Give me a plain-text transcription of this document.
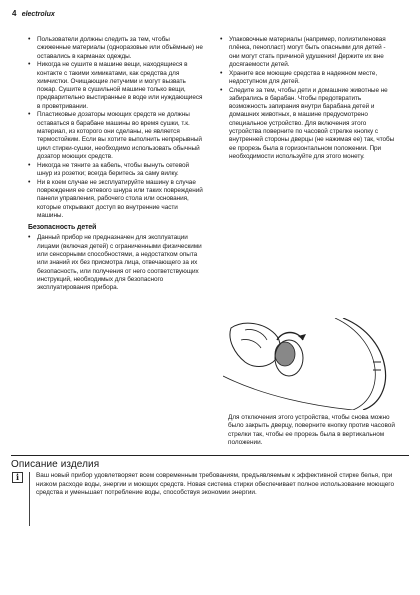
4 electrolux
• Пользователи должны следить за тем, чтобы сжиженные материалы (одноразовые или объёмные) не оставались в карманах одежды.
• Никогда не сушите в машине вещи, находящиеся в контакте с такими химикатами, как средства для химчистки. Очищающие летучими и могут вызвать пожар. Сушите в сушильной машине только вещи, предварительно выстиранные в воде или нуждающиеся в проветривании.
• Пластиковые дозаторы моющих средств не должны оставаться в барабане машины во время сушки, т.к. материал, из которого они сделаны, не является термостойким. Если вы хотите выполнить непрерывный цикл стирки-сушки, необходимо использовать обычный дозатор моющих средств.
• Никогда не тяните за кабель, чтобы вынуть сетевой шнур из розетки; всегда беритесь за саму вилку.
• Ни в коем случае не эксплуатируйте машину в случае повреждения ее сетевого шнура или таких повреждений панели управления, рабочего стола или основания, которые открывают доступ во внутренние части машины.
Безопасность детей
• Данный прибор не предназначен для эксплуатации лицами (включая детей) с ограниченными физическими или сенсорными способностями, а недостатком опыта или знаний их без присмотра лица, отвечающего за их безопасность, или получения от него соответствующих инструкций, необходимых для безопасного эксплуатирования прибора.
• Упаковочные материалы (например, полиэтиленовая плёнка, пенопласт) могут быть опасными для детей - они могут стать причиной удушения! Держите их вне досягаемости детей.
• Храните все моющие средства в надежном месте, недоступном для детей.
• Следите за тем, чтобы дети и домашние животные не забирались в барабан. Чтобы предотвратить возможность запирания внутри барабана детей и домашних животных, в машине предусмотрено специальное устройство. Для включения этого устройства поверните по часовой стрелке кнопку с внутренней стороны дверцы (не нажимая ее) так, чтобы ее прорезь была в горизонтальном положении. При необходимости используйте для этого монету.
Для отключения этого устройства, чтобы снова можно было закрыть дверцу, поверните кнопку против часовой стрелки так, чтобы ее прорезь была в вертикальном положении.
Описание изделия
i	Ваш новый прибор удовлетворяет всем современным требованиям, предъявляемым к эффективной стирке белья, при низком расходе воды, энергии и моющих средств. Новая система стирки обеспечивает полное использование моющего средства и уменьшает потребление воды, способствуя экономии энергии.
